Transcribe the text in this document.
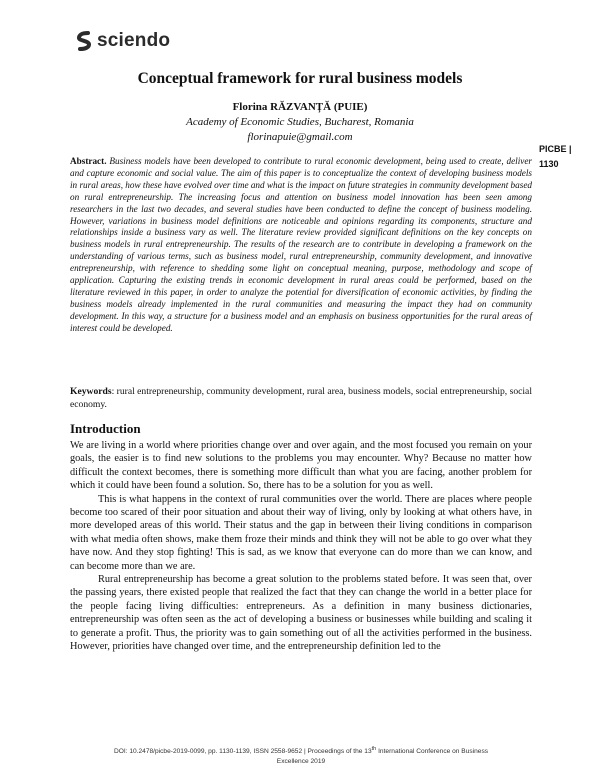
sciendo
PICBE |
1130
Conceptual framework for rural business models
Florina RĂZVANȚĂ (PUIE)
Academy of Economic Studies, Bucharest, Romania
florinapuie@gmail.com
Abstract. Business models have been developed to contribute to rural economic development, being used to create, deliver and capture economic and social value. The aim of this paper is to conceptualize the context of developing business models in rural areas, how these have evolved over time and what is the impact on future strategies in community development based on rural entrepreneurship. The increasing focus and attention on business model innovation has been seen among researchers in the last two decades, and several studies have been conducted to define the concept of business modeling. However, variations in business model definitions are noticeable and opinions regarding its components, structure and relationships inside a business vary as well. The literature review provided significant definitions on the key concepts on business models in rural entrepreneurship. The results of the research are to contribute in developing a framework on the understanding of various terms, such as business model, rural entrepreneurship, community development, and innovative entrepreneurship, with reference to shedding some light on conceptual meaning, purpose, methodology and scope of application. Capturing the existing trends in economic development in rural areas could be performed, based on the literature reviewed in this paper, in order to analyze the potential for diversification of economic activities, by finding the business models already implemented in the rural communities and measuring the impact they had on community development. In this way, a structure for a business model and an emphasis on business opportunities for the rural areas of interest could be developed.
Keywords: rural entrepreneurship, community development, rural area, business models, social entrepreneurship, social economy.
Introduction

We are living in a world where priorities change over and over again, and the most focused you remain on your goals, the easier is to find new solutions to the problems you may encounter. Why? Because no matter how difficult the context becomes, there is something more difficult than what you are facing, another problem for which it could have been found a solution. So, there has to be a solution for you as well.

This is what happens in the context of rural communities over the world. There are places where people become too scared of their poor situation and about their way of living, only by looking at what others have, in more developed areas of this world. Their status and the gap in between their living conditions in comparison with what media often shows, make them froze their minds and think they will not be able to go over what they have now. And they stop fighting! This is sad, as we know that everyone can do more than we can know, and can become more than we are.

Rural entrepreneurship has become a great solution to the problems stated before. It was seen that, over the passing years, there existed people that realized the fact that they can change the world in a better place for the people facing living difficulties: entrepreneurs. As a definition in many business dictionaries, entrepreneurship was often seen as the act of developing a business or businesses while building and scaling it to generate a profit. Thus, the priority was to gain something out of all the activities performed in the business. However, priorities have changed over time, and the entrepreneurship definition led to the

DOI: 10.2478/picbe-2019-0099, pp. 1130-1139, ISSN 2558-9652 | Proceedings of the 13th International Conference on Business
Excellence 2019
